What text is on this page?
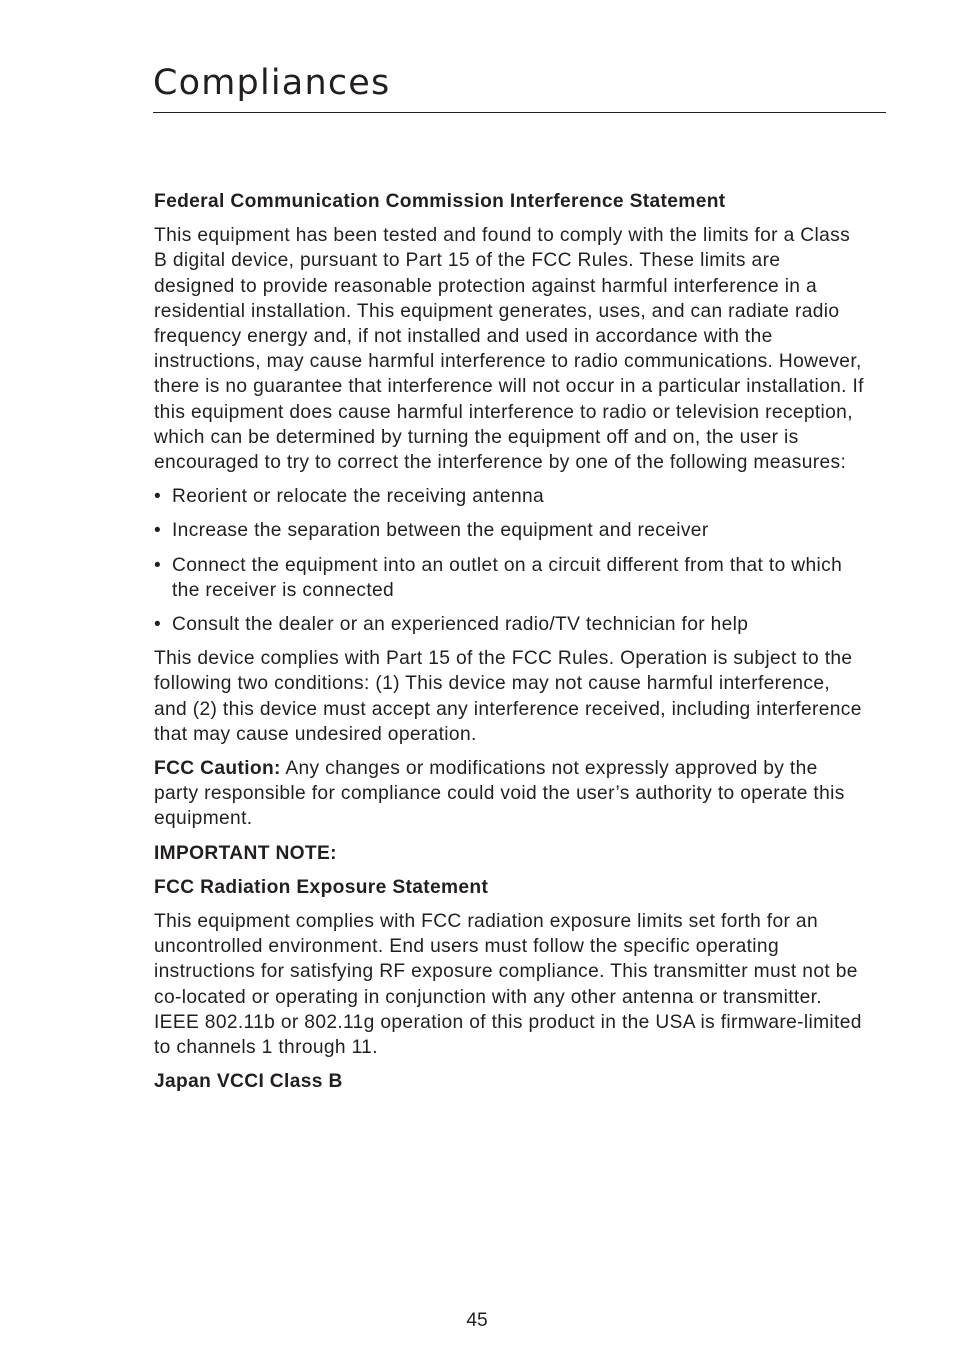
Compliances

Federal Communication Commission Interference Statement

This equipment has been tested and found to comply with the limits for a Class B digital device, pursuant to Part 15 of the FCC Rules. These limits are designed to provide reasonable protection against harmful interference in a residential installation. This equipment generates, uses, and can radiate radio frequency energy and, if not installed and used in accordance with the instructions, may cause harmful interference to radio communications. However, there is no guarantee that interference will not occur in a particular installation. If this equipment does cause harmful interference to radio or television reception, which can be determined by turning the equipment off and on, the user is encouraged to try to correct the interference by one of the following measures:

• Reorient or relocate the receiving antenna
• Increase the separation between the equipment and receiver
• Connect the equipment into an outlet on a circuit different from that to which the receiver is connected
• Consult the dealer or an experienced radio/TV technician for help

This device complies with Part 15 of the FCC Rules. Operation is subject to the following two conditions: (1) This device may not cause harmful interference, and (2) this device must accept any interference received, including interference that may cause undesired operation.

FCC Caution: Any changes or modifications not expressly approved by the party responsible for compliance could void the user’s authority to operate this equipment.

IMPORTANT NOTE:

FCC Radiation Exposure Statement

This equipment complies with FCC radiation exposure limits set forth for an uncontrolled environment. End users must follow the specific operating instructions for satisfying RF exposure compliance. This transmitter must not be co-located or operating in conjunction with any other antenna or transmitter. IEEE 802.11b or 802.11g operation of this product in the USA is firmware-limited to channels 1 through 11.

Japan VCCI Class B

45
